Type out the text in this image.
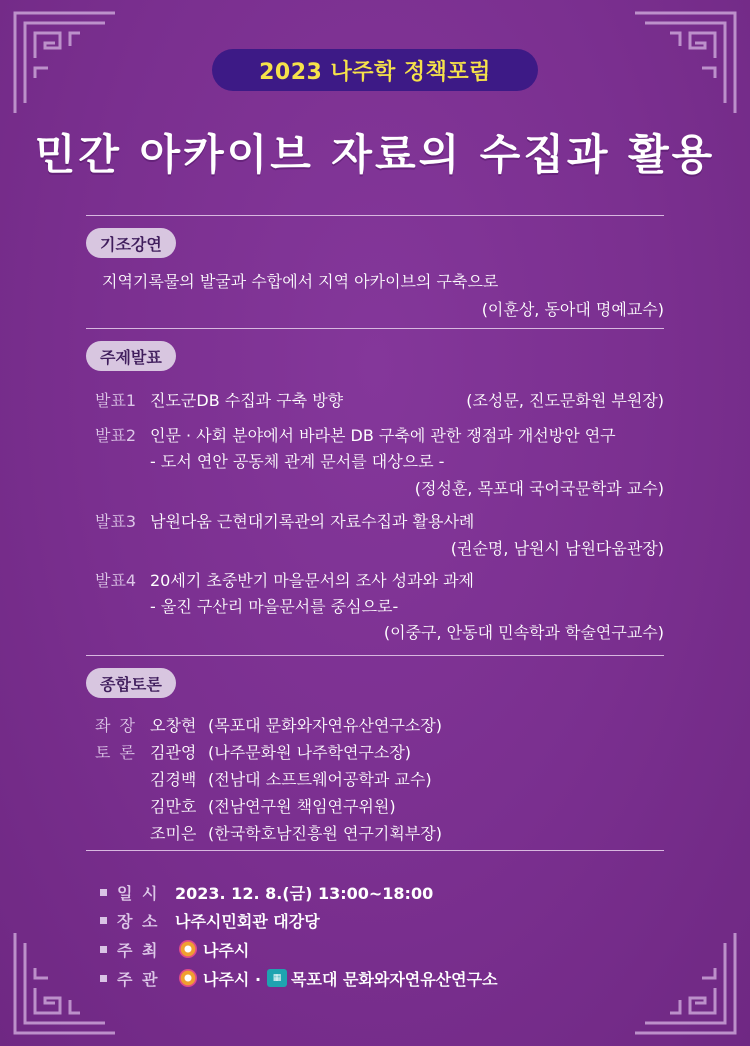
2023 나주학 정책포럼
민간 아카이브 자료의 수집과 활용
기조강연
지역기록물의 발굴과 수합에서 지역 아카이브의 구축으로
(이훈상, 동아대 명예교수)
주제발표
발표1 진도군DB 수집과 구축 방향	(조성문, 진도문화원 부원장)
발표2 인문 · 사회 분야에서 바라본 DB 구축에 관한 쟁점과 개선방안 연구
- 도서 연안 공동체 관계 문서를 대상으로 -
(정성훈, 목포대 국어국문학과 교수)
발표3 남원다움 근현대기록관의 자료수집과 활용사례
(권순명, 남원시 남원다움관장)
발표4 20세기 초중반기 마을문서의 조사 성과와 과제
- 울진 구산리 마을문서를 중심으로-
(이중구, 안동대 민속학과 학술연구교수)
종합토론
좌 장 오창현 (목포대 문화와자연유산연구소장)
토 론 김관영 (나주문화원 나주학연구소장)
김경백 (전남대 소프트웨어공학과 교수)
김만호 (전남연구원 책임연구위원)
조미은 (한국학호남진흥원 연구기획부장)
일 시 2023. 12. 8.(금) 13:00~18:00
장 소 나주시민회관 대강당
주 최	나주시
주 관	나주시 ·	▦ 목포대 문화와자연유산연구소
